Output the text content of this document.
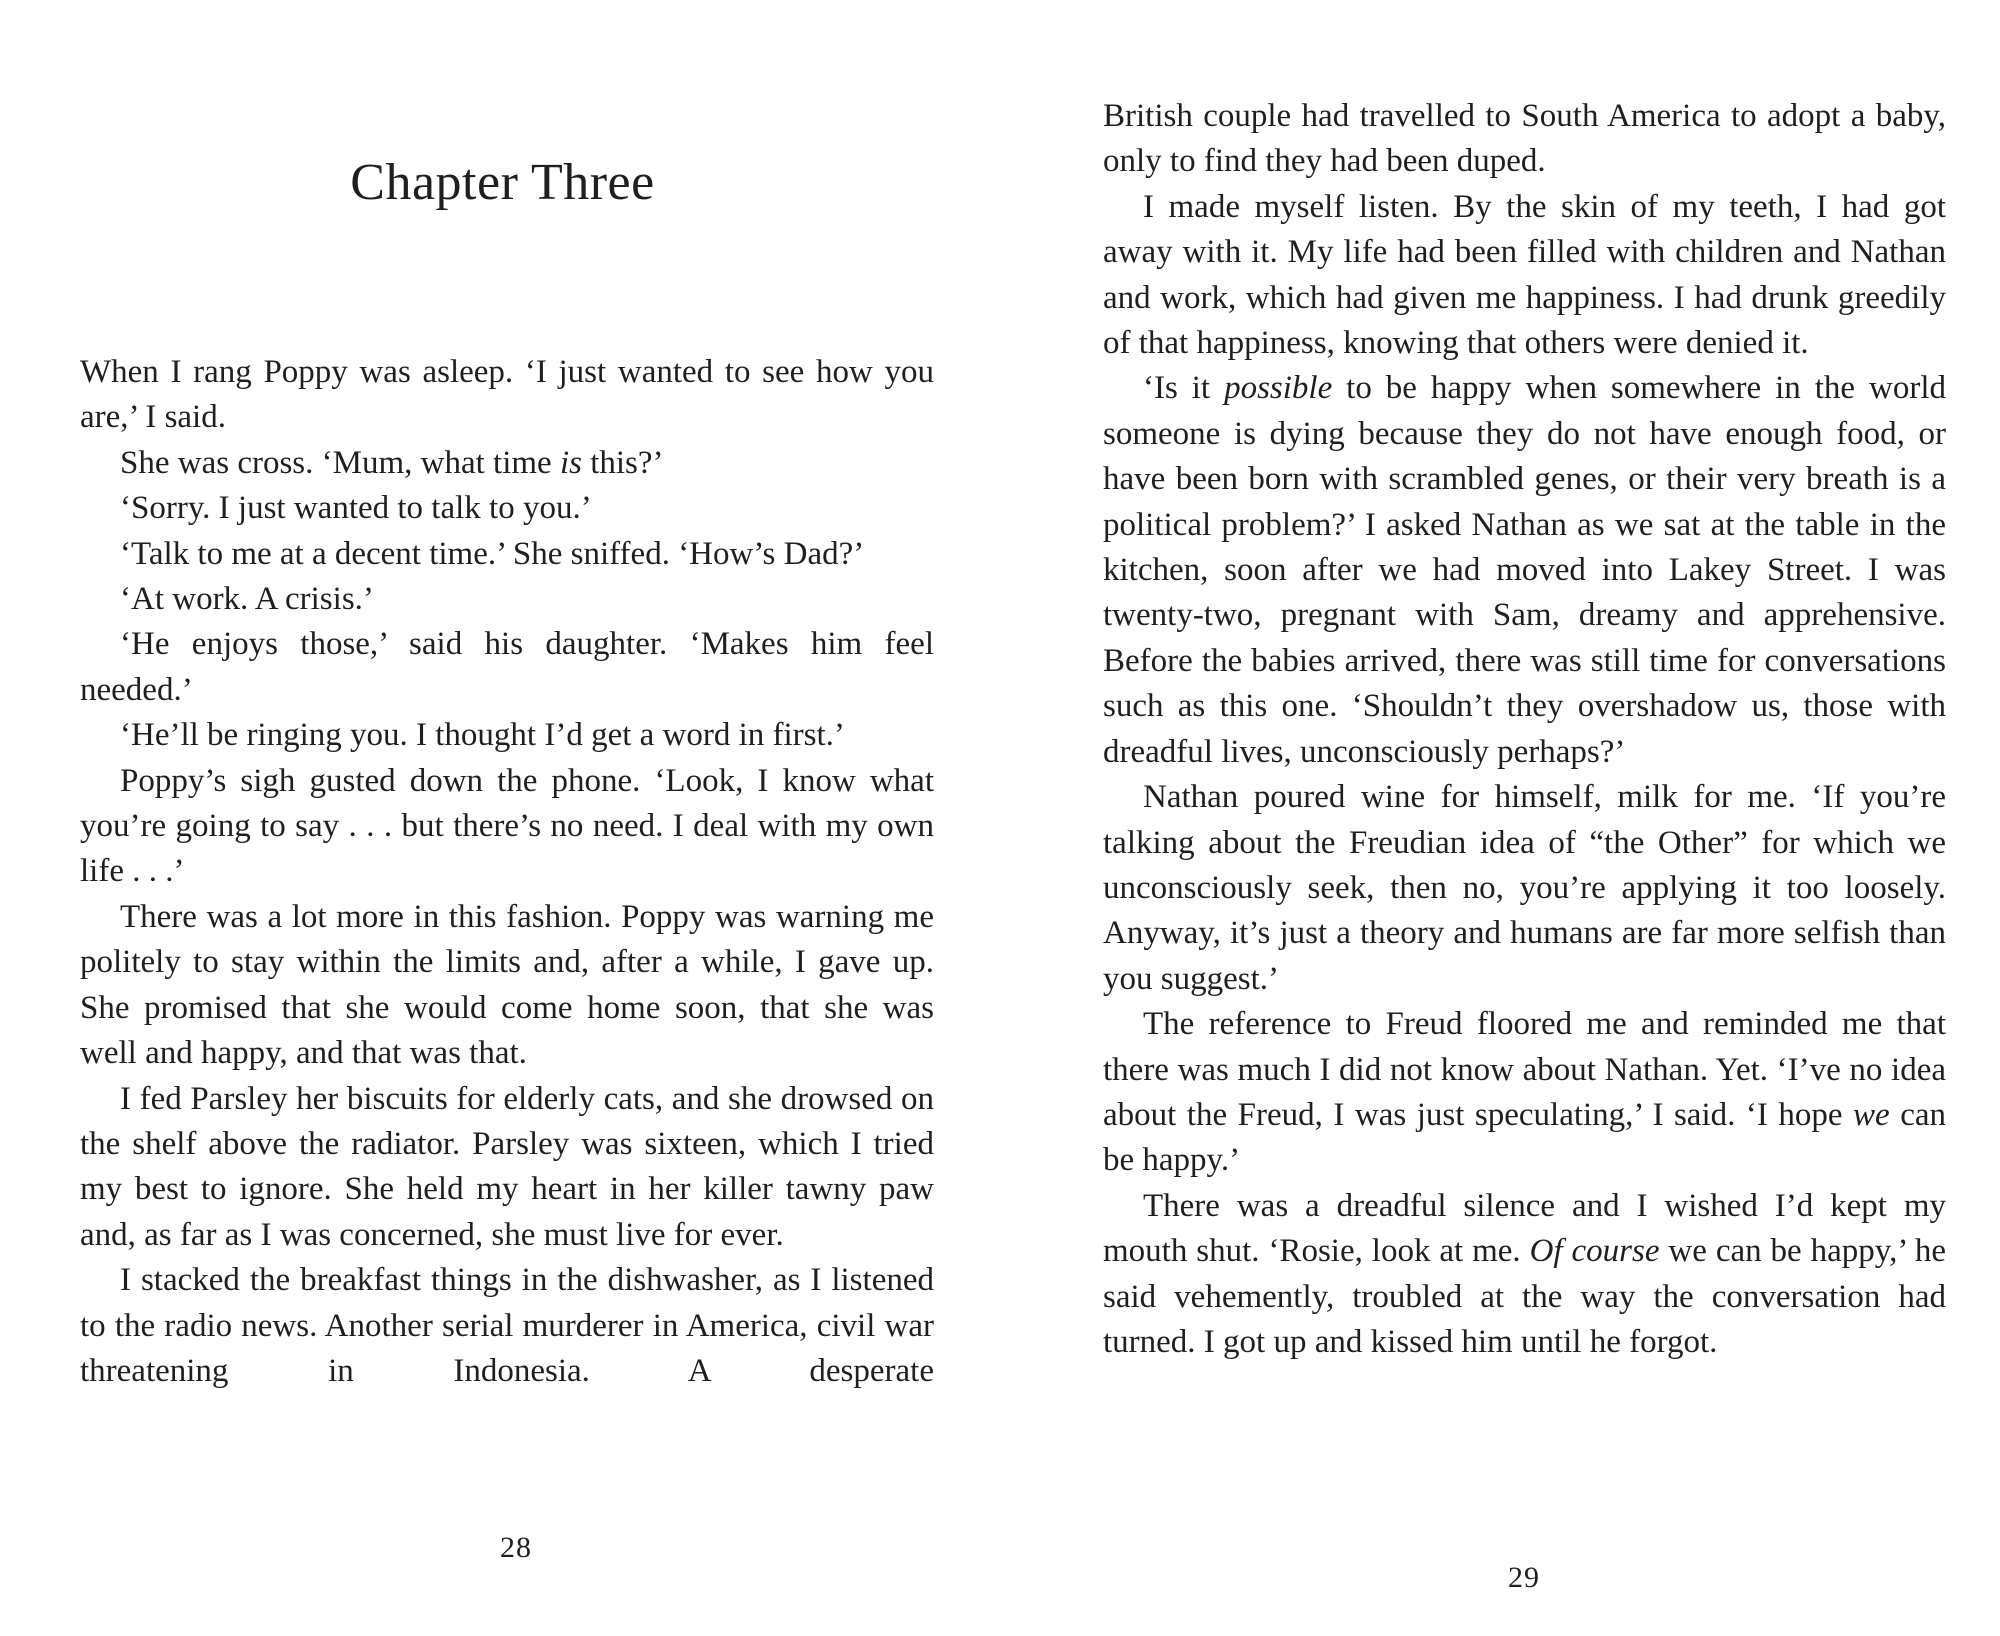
Chapter Three

When I rang Poppy was asleep. ‘I just wanted to see how you are,’ I said.

She was cross. ‘Mum, what time is this?’

‘Sorry. I just wanted to talk to you.’

‘Talk to me at a decent time.’ She sniffed. ‘How’s Dad?’

‘At work. A crisis.’

‘He enjoys those,’ said his daughter. ‘Makes him feel needed.’

‘He’ll be ringing you. I thought I’d get a word in first.’

Poppy’s sigh gusted down the phone. ‘Look, I know what you’re going to say . . . but there’s no need. I deal with my own life . . .’

There was a lot more in this fashion. Poppy was warning me politely to stay within the limits and, after a while, I gave up. She promised that she would come home soon, that she was well and happy, and that was that.

I fed Parsley her biscuits for elderly cats, and she drowsed on the shelf above the radiator. Parsley was sixteen, which I tried my best to ignore. She held my heart in her killer tawny paw and, as far as I was concerned, she must live for ever.

I stacked the breakfast things in the dishwasher, as I listened to the radio news. Another serial murderer in America, civil war threatening in Indonesia. A desperate

28

British couple had travelled to South America to adopt a baby, only to find they had been duped.

I made myself listen. By the skin of my teeth, I had got away with it. My life had been filled with children and Nathan and work, which had given me happiness. I had drunk greedily of that happiness, knowing that others were denied it.

‘Is it possible to be happy when somewhere in the world someone is dying because they do not have enough food, or have been born with scrambled genes, or their very breath is a political problem?’ I asked Nathan as we sat at the table in the kitchen, soon after we had moved into Lakey Street. I was twenty-two, pregnant with Sam, dreamy and apprehensive. Before the babies arrived, there was still time for conversations such as this one. ‘Shouldn’t they overshadow us, those with dreadful lives, unconsciously perhaps?’

Nathan poured wine for himself, milk for me. ‘If you’re talking about the Freudian idea of “the Other” for which we unconsciously seek, then no, you’re applying it too loosely. Anyway, it’s just a theory and humans are far more selfish than you suggest.’

The reference to Freud floored me and reminded me that there was much I did not know about Nathan. Yet. ‘I’ve no idea about the Freud, I was just speculating,’ I said. ‘I hope we can be happy.’

There was a dreadful silence and I wished I’d kept my mouth shut. ‘Rosie, look at me. Of course we can be happy,’ he said vehemently, troubled at the way the conversation had turned. I got up and kissed him until he forgot.

29
